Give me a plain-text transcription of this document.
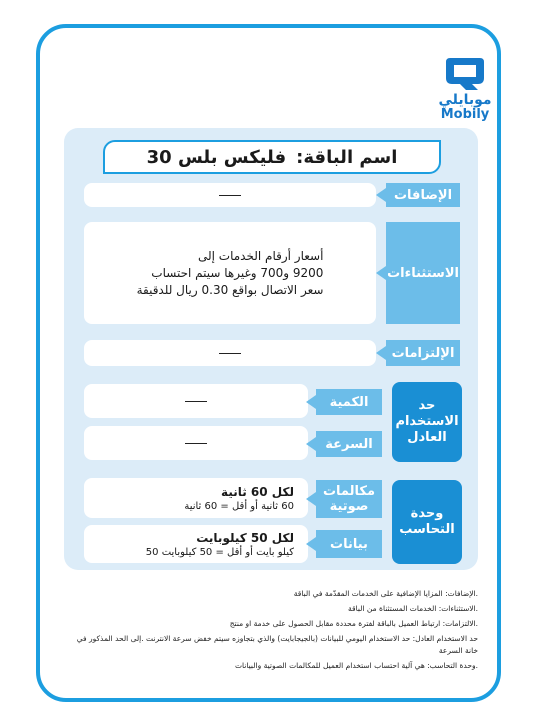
موبايلي
Mobily
اسم الباقة:
فليكس بلس 30
الإضافات
أسعار أرقام الخدمات إلى
9200 و700 وغيرها سيتم احتساب
سعر الاتصال بواقع 0.30 ريال للدقيقة
الاستثناءات
الإلتزامات
الكمية
السرعة
حد الاستخدام العادل
لكل 60 ثانية
60 ثانية أو أقل = 60 ثانية
مكالمات صوتية
لكل 50 كيلوبايت
كيلو بايت أو أقل = 50 كيلوبايت 50
بيانات
وحدة التحاسب

.الإضافات: المزايا الإضافية على الخدمات المقدّمة في الباقة

.الاستثناءات: الخدمات المستثناة من الباقة

.الالتزامات: ارتباط العميل بالباقة لفترة محددة مقابل الحصول على خدمة او منتج

حد الاستخدام العادل: حد الاستخدام اليومي للبيانات (بالجيجابايت) والذي بتجاوزه سيتم خفض سرعة الانترنت .إلى الحد المذكور في خانة السرعة

.وحدة التحاسب: هي آلية احتساب استخدام العميل للمكالمات الصوتية والبيانات
